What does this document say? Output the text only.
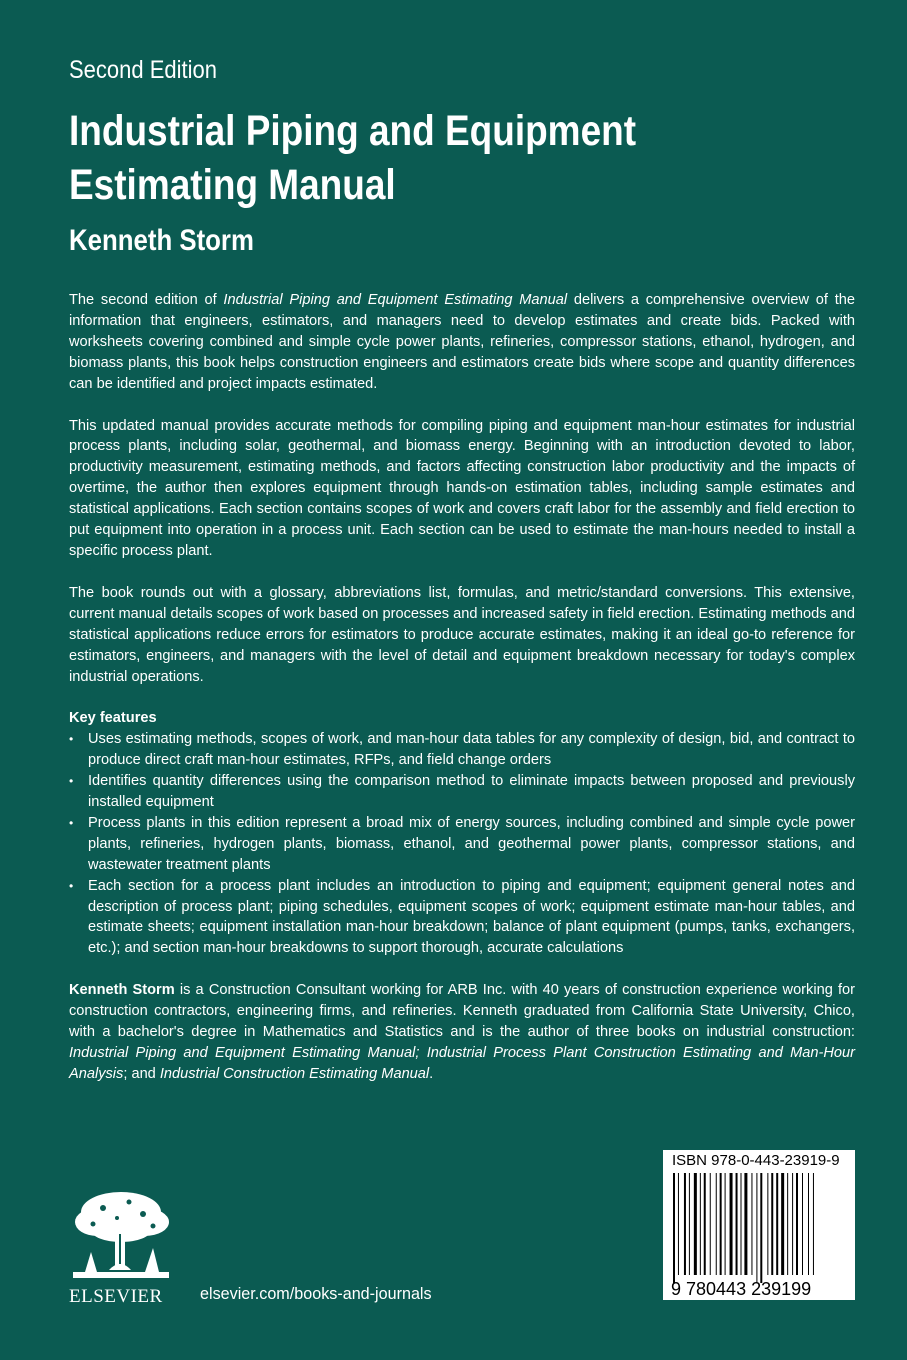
Second Edition

Industrial Piping and Equipment
Estimating Manual
Kenneth Storm

The second edition of Industrial Piping and Equipment Estimating Manual delivers a comprehensive overview of the information that engineers, estimators, and managers need to develop estimates and create bids. Packed with worksheets covering combined and simple cycle power plants, refineries, compressor stations, ethanol, hydrogen, and biomass plants, this book helps construction engineers and estimators create bids where scope and quantity differences can be identified and project impacts estimated.

This updated manual provides accurate methods for compiling piping and equipment man-hour estimates for industrial process plants, including solar, geothermal, and biomass energy. Beginning with an introduction devoted to labor, productivity measurement, estimating methods, and factors affecting construction labor productivity and the impacts of overtime, the author then explores equipment through hands-on estimation tables, including sample estimates and statistical applications. Each section contains scopes of work and covers craft labor for the assembly and field erection to put equipment into operation in a process unit. Each section can be used to estimate the man-hours needed to install a specific process plant.

The book rounds out with a glossary, abbreviations list, formulas, and metric/standard conversions. This extensive, current manual details scopes of work based on processes and increased safety in field erection. Estimating methods and statistical applications reduce errors for estimators to produce accurate estimates, making it an ideal go-to reference for estimators, engineers, and managers with the level of detail and equipment breakdown necessary for today's complex industrial operations.

Key features
• Uses estimating methods, scopes of work, and man-hour data tables for any complexity of design, bid, and contract to produce direct craft man-hour estimates, RFPs, and field change orders
• Identifies quantity differences using the comparison method to eliminate impacts between proposed and previously installed equipment
• Process plants in this edition represent a broad mix of energy sources, including combined and simple cycle power plants, refineries, hydrogen plants, biomass, ethanol, and geothermal power plants, compressor stations, and wastewater treatment plants
• Each section for a process plant includes an introduction to piping and equipment; equipment general notes and description of process plant; piping schedules, equipment scopes of work; equipment estimate man-hour tables, and estimate sheets; equipment installation man-hour breakdown; balance of plant equipment (pumps, tanks, exchangers, etc.); and section man-hour breakdowns to support thorough, accurate calculations

Kenneth Storm is a Construction Consultant working for ARB Inc. with 40 years of construction experience working for construction contractors, engineering firms, and refineries. Kenneth graduated from California State University, Chico, with a bachelor's degree in Mathematics and Statistics and is the author of three books on industrial construction: Industrial Piping and Equipment Estimating Manual; Industrial Process Plant Construction Estimating and Man-Hour Analysis; and Industrial Construction Estimating Manual.

ELSEVIER	elsevier.com/books-and-journals
ISBN 978-0-443-23919-9
9 780443 239199
